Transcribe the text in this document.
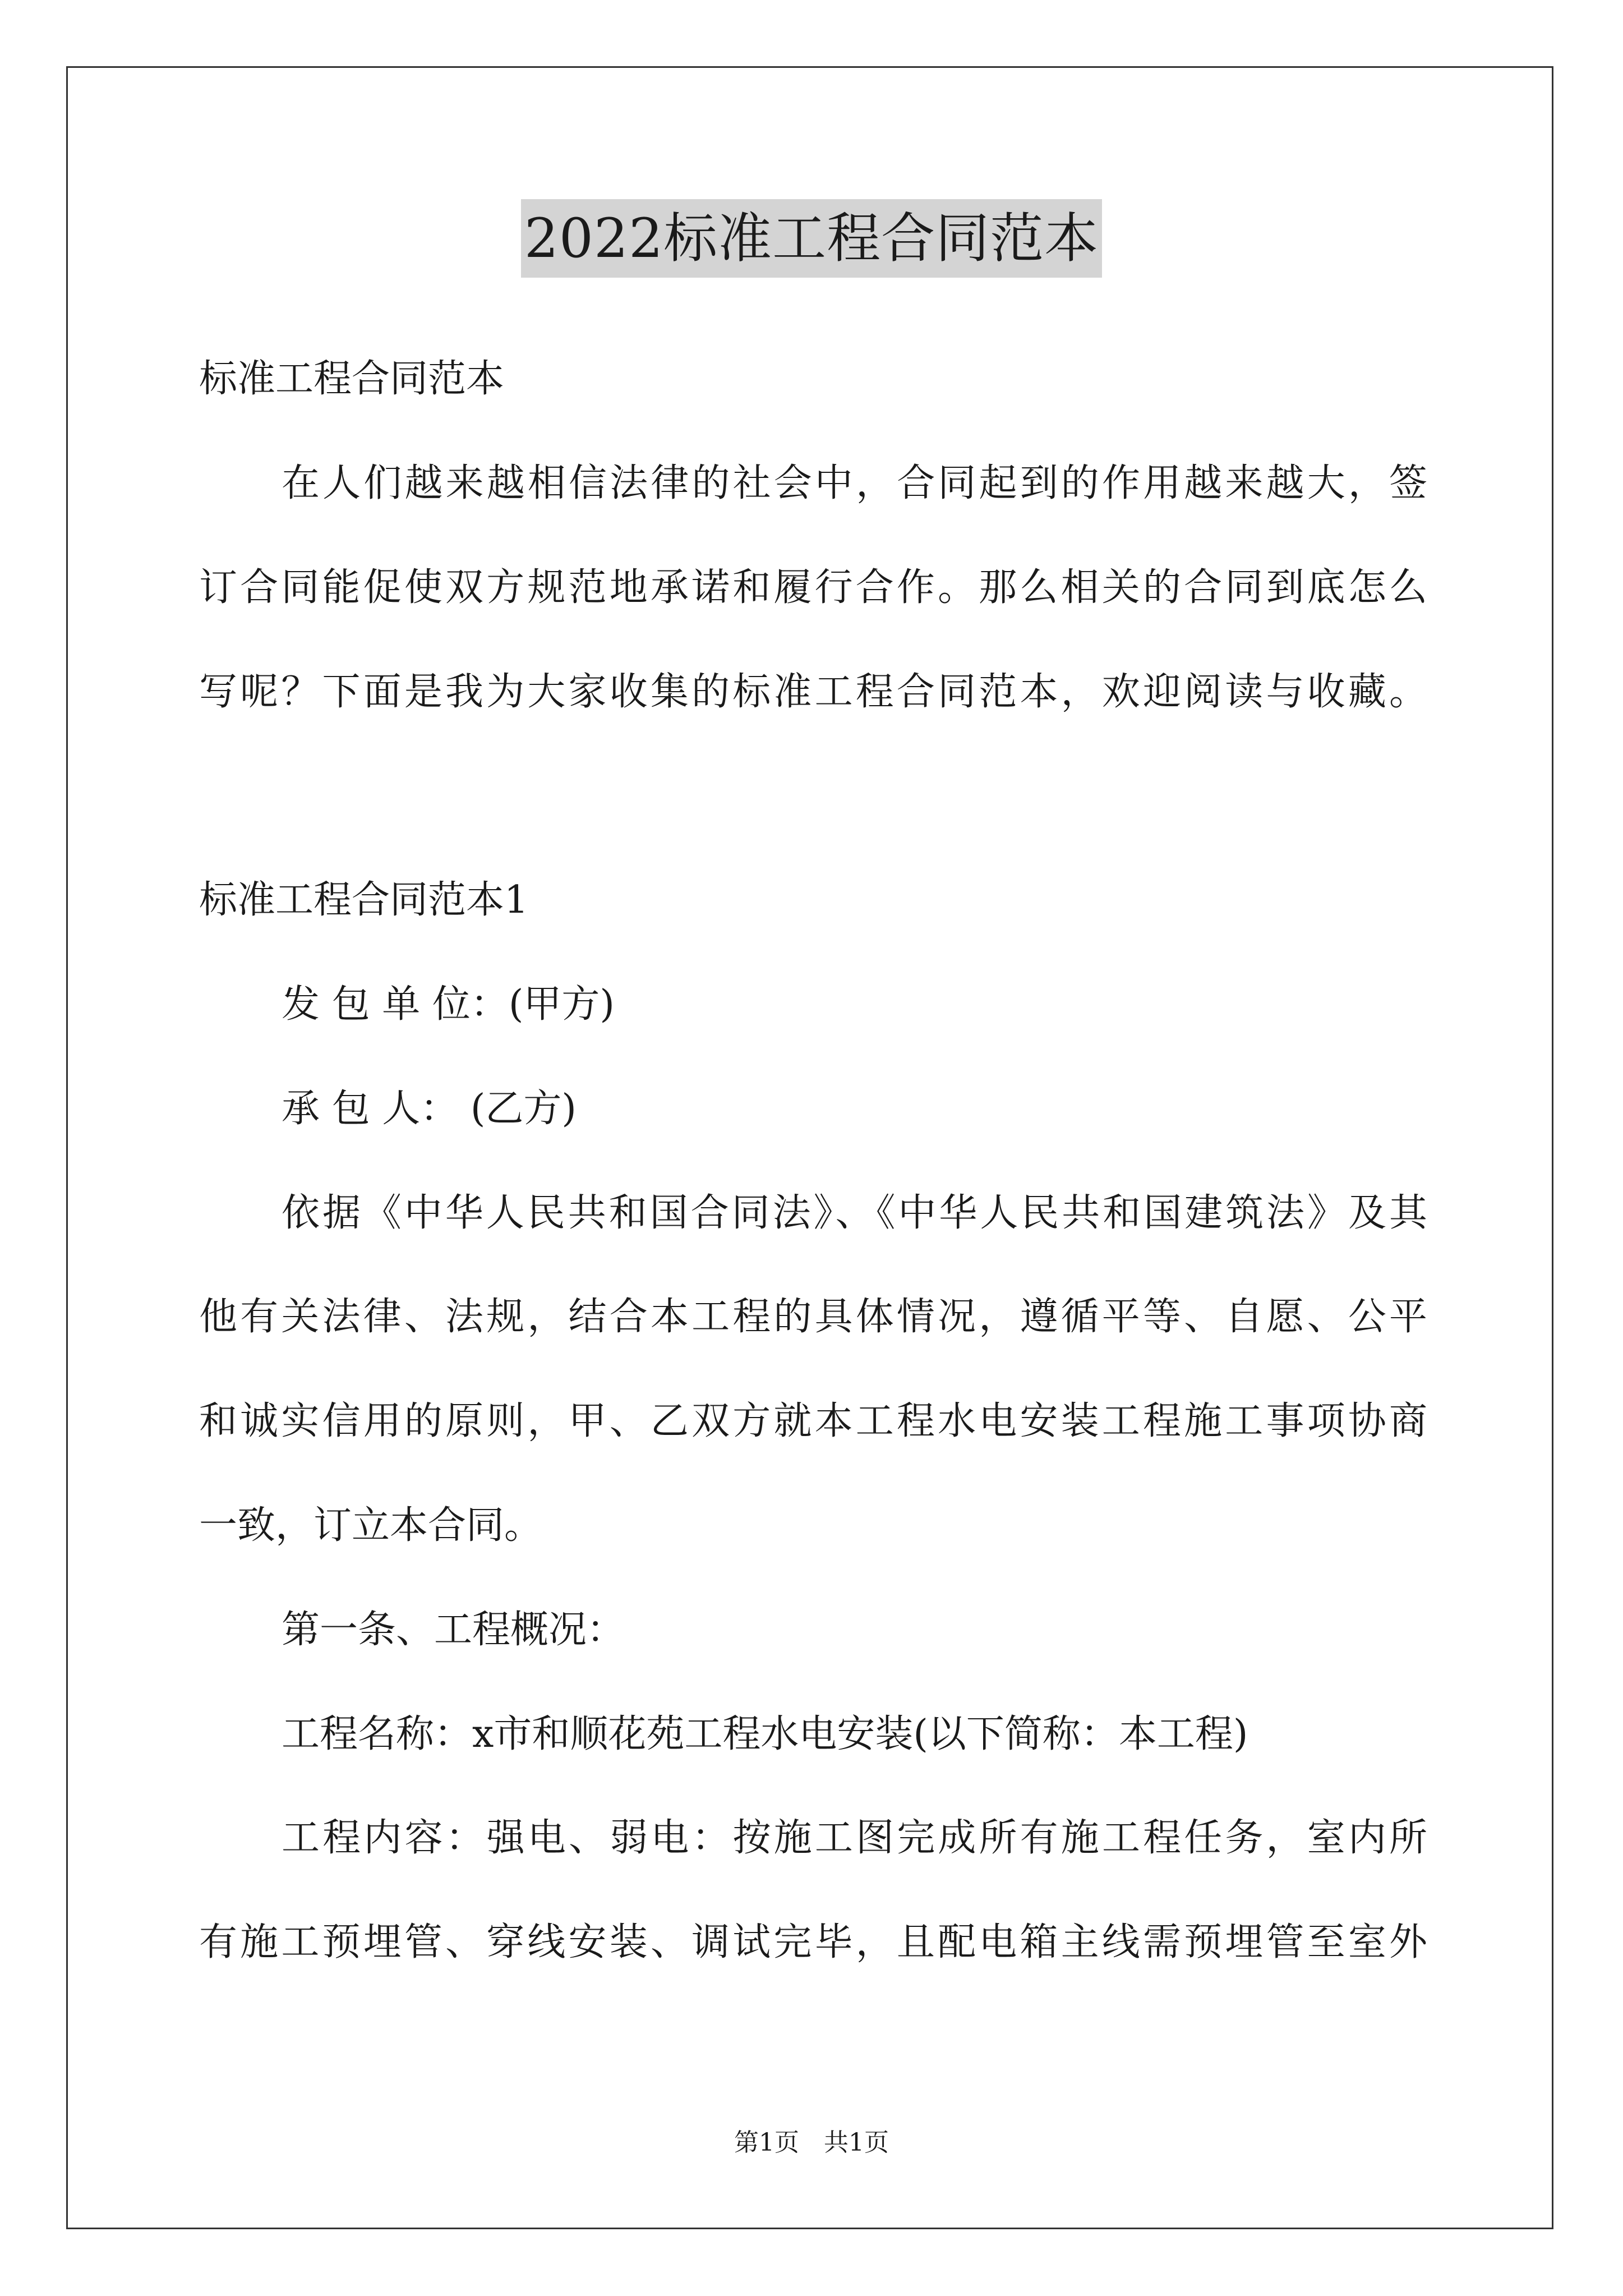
2022标准工程合同范本
标准工程合同范本
在人们越来越相信法律的社会中，合同起到的作用越来越大，签
订合同能促使双方规范地承诺和履行合作。那么相关的合同到底怎么
写呢？下面是我为大家收集的标准工程合同范本，欢迎阅读与收藏。
标准工程合同范本1
发 包 单 位：(甲方)
承 包 人： (乙方)
依据《中华人民共和国合同法》、《中华人民共和国建筑法》及其
他有关法律、法规，结合本工程的具体情况，遵循平等、自愿、公平
和诚实信用的原则，甲、乙双方就本工程水电安装工程施工事项协商
一致，订立本合同。
第一条、工程概况：
工程名称：x市和顺花苑工程水电安装(以下简称：本工程)
工程内容：强电、弱电：按施工图完成所有施工程任务，室内所
有施工预埋管、穿线安装、调试完毕，且配电箱主线需预埋管至室外
第1页　共1页
